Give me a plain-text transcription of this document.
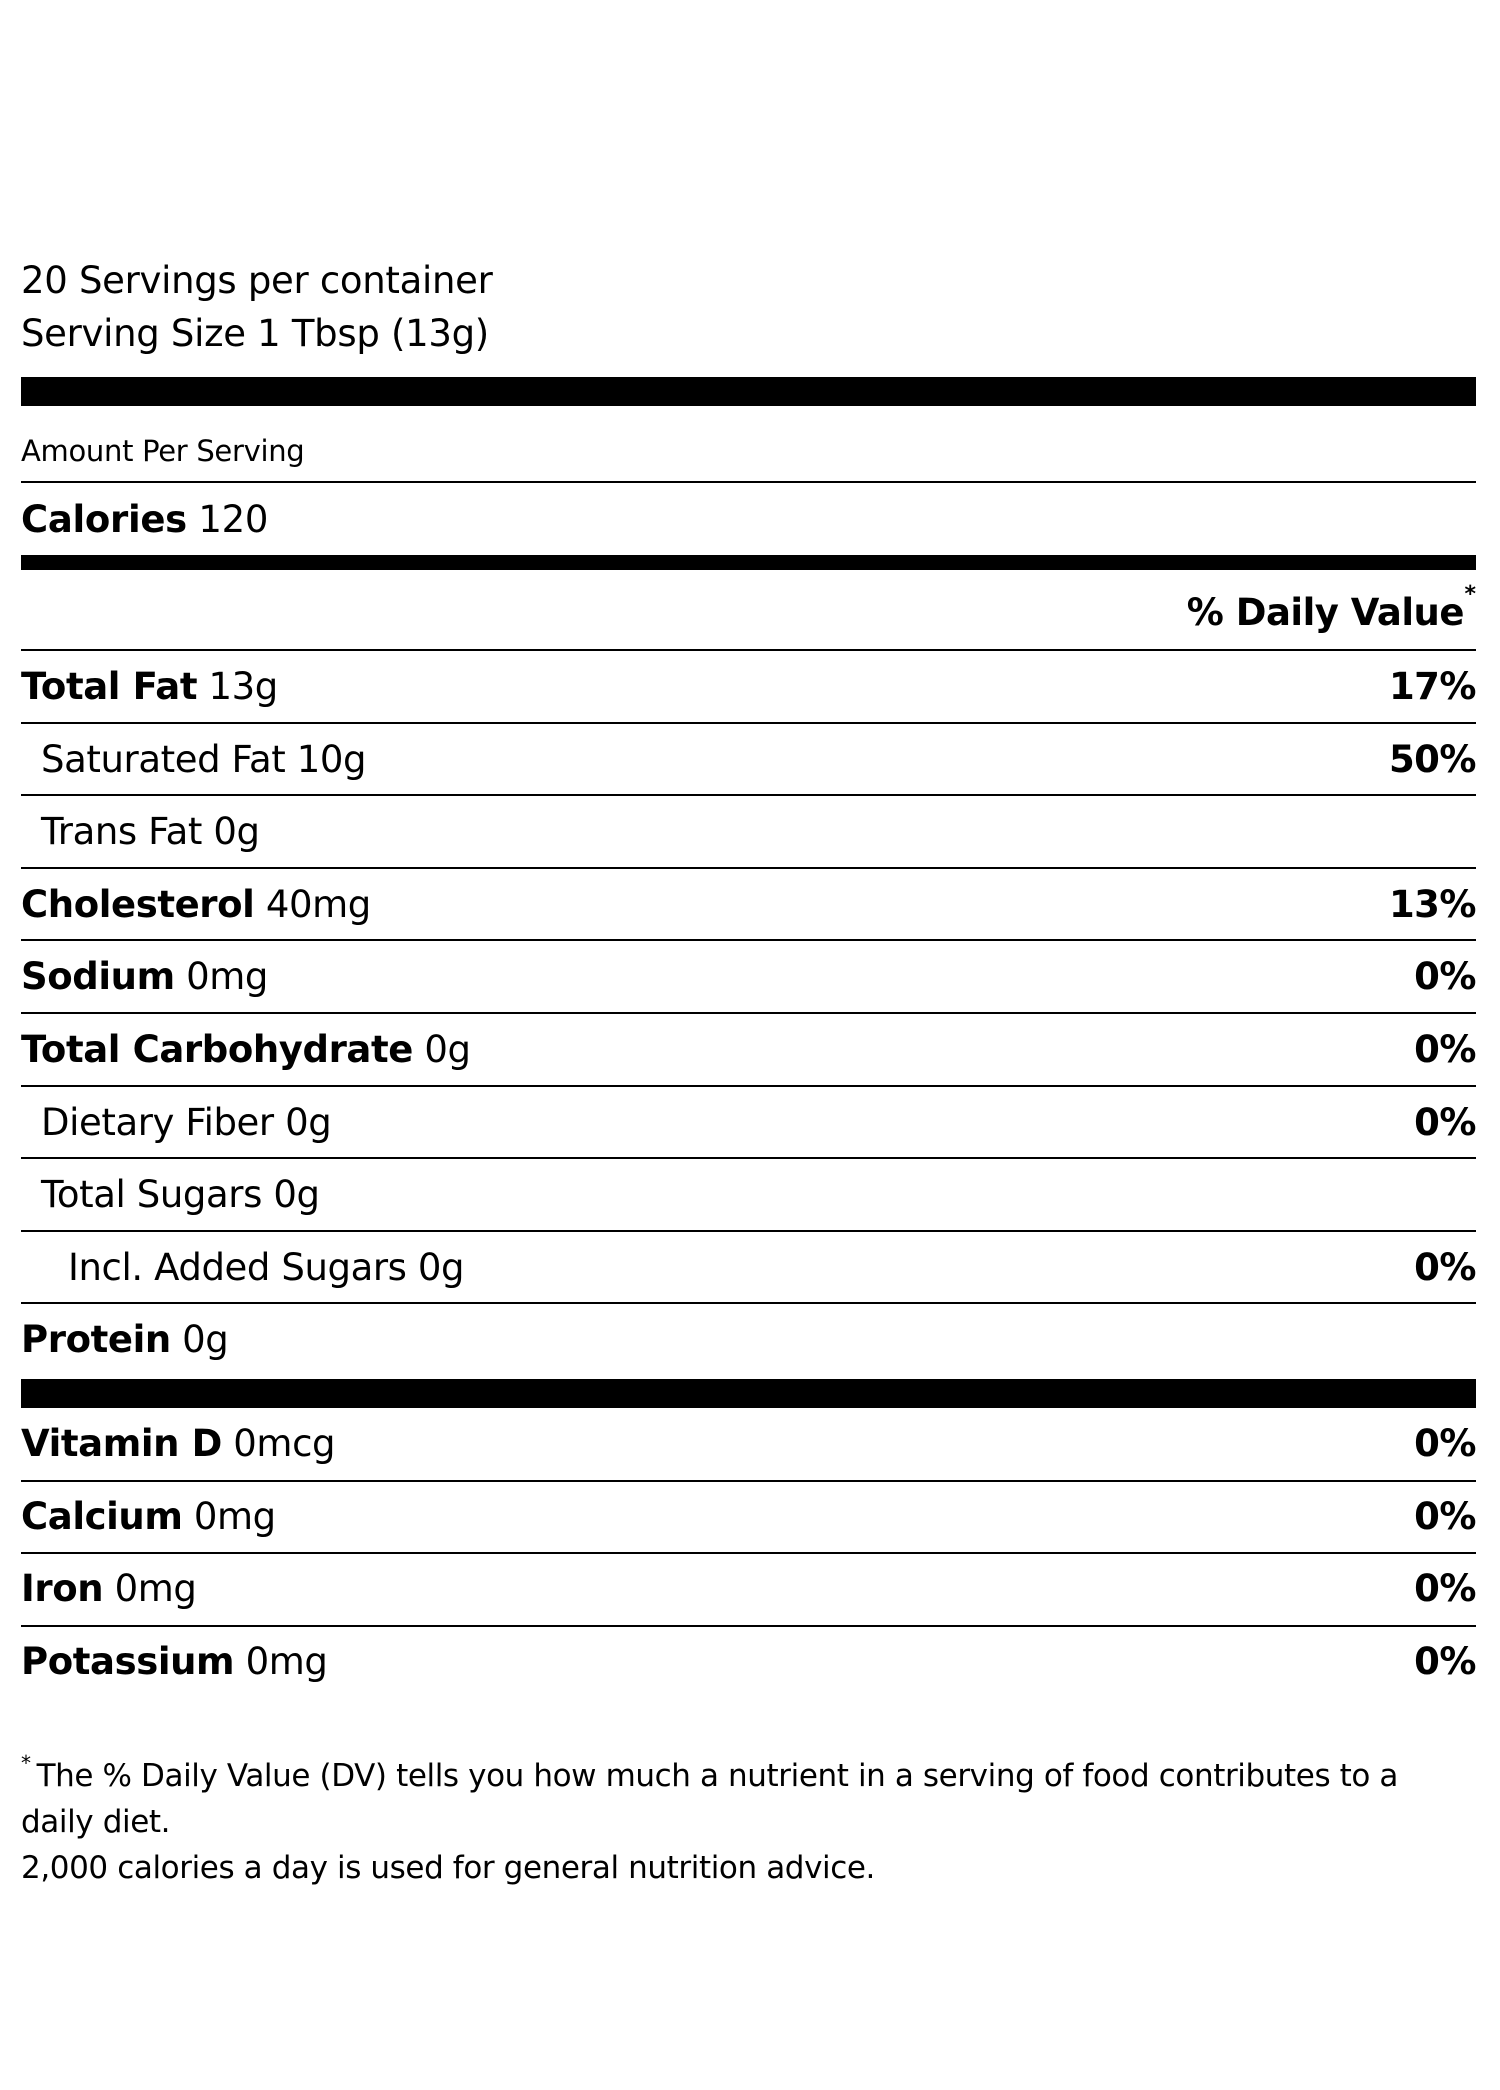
20 Servings per container
Serving Size 1 Tbsp (13g)
Amount Per Serving
Calories 120
% Daily Value *
* The % Daily Value (DV) tells you how much a nutrient in a serving of food contributes to a daily diet.
2,000 calories a day is used for general nutrition advice.
Total Fat 13g	17%
Saturated Fat 10g	50%
Trans Fat 0g
Cholesterol 40mg	13%
Sodium 0mg	0%
Total Carbohydrate 0g	0%
Dietary Fiber 0g	0%
Total Sugars 0g
Incl. Added Sugars 0g	0%
Protein 0g
Vitamin D 0mcg	0%
Calcium 0mg	0%
Iron 0mg	0%
Potassium 0mg	0%
